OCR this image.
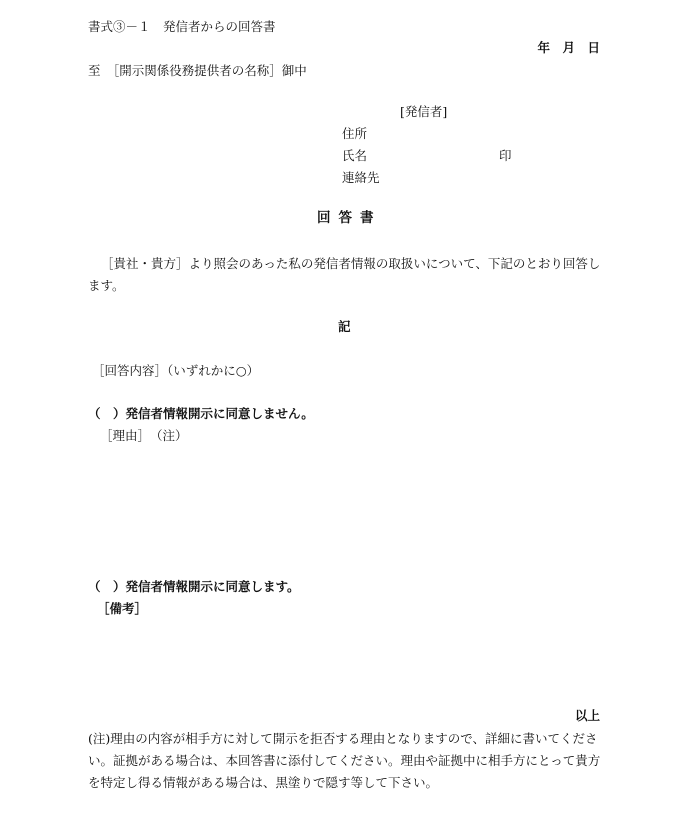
書式③－１　発信者からの回答書
年　月　日
至　［開示関係役務提供者の名称］御中
[発信者]
住所
氏名	印
連絡先
回答書
［貴社・貴方］より照会のあった私の発信者情報の取扱いについて、下記のとおり回答します。
記
［回答内容］（いずれかに○）
（　）発信者情報開示に同意しません。
［理由］　（注）
（　）発信者情報開示に同意します。
［備考］
以上
(注)理由の内容が相手方に対して開示を拒否する理由となりますので、詳細に書いてください。証拠がある場合は、本回答書に添付してください。理由や証拠中に相手方にとって貴方を特定し得る情報がある場合は、黒塗りで隠す等して下さい。
